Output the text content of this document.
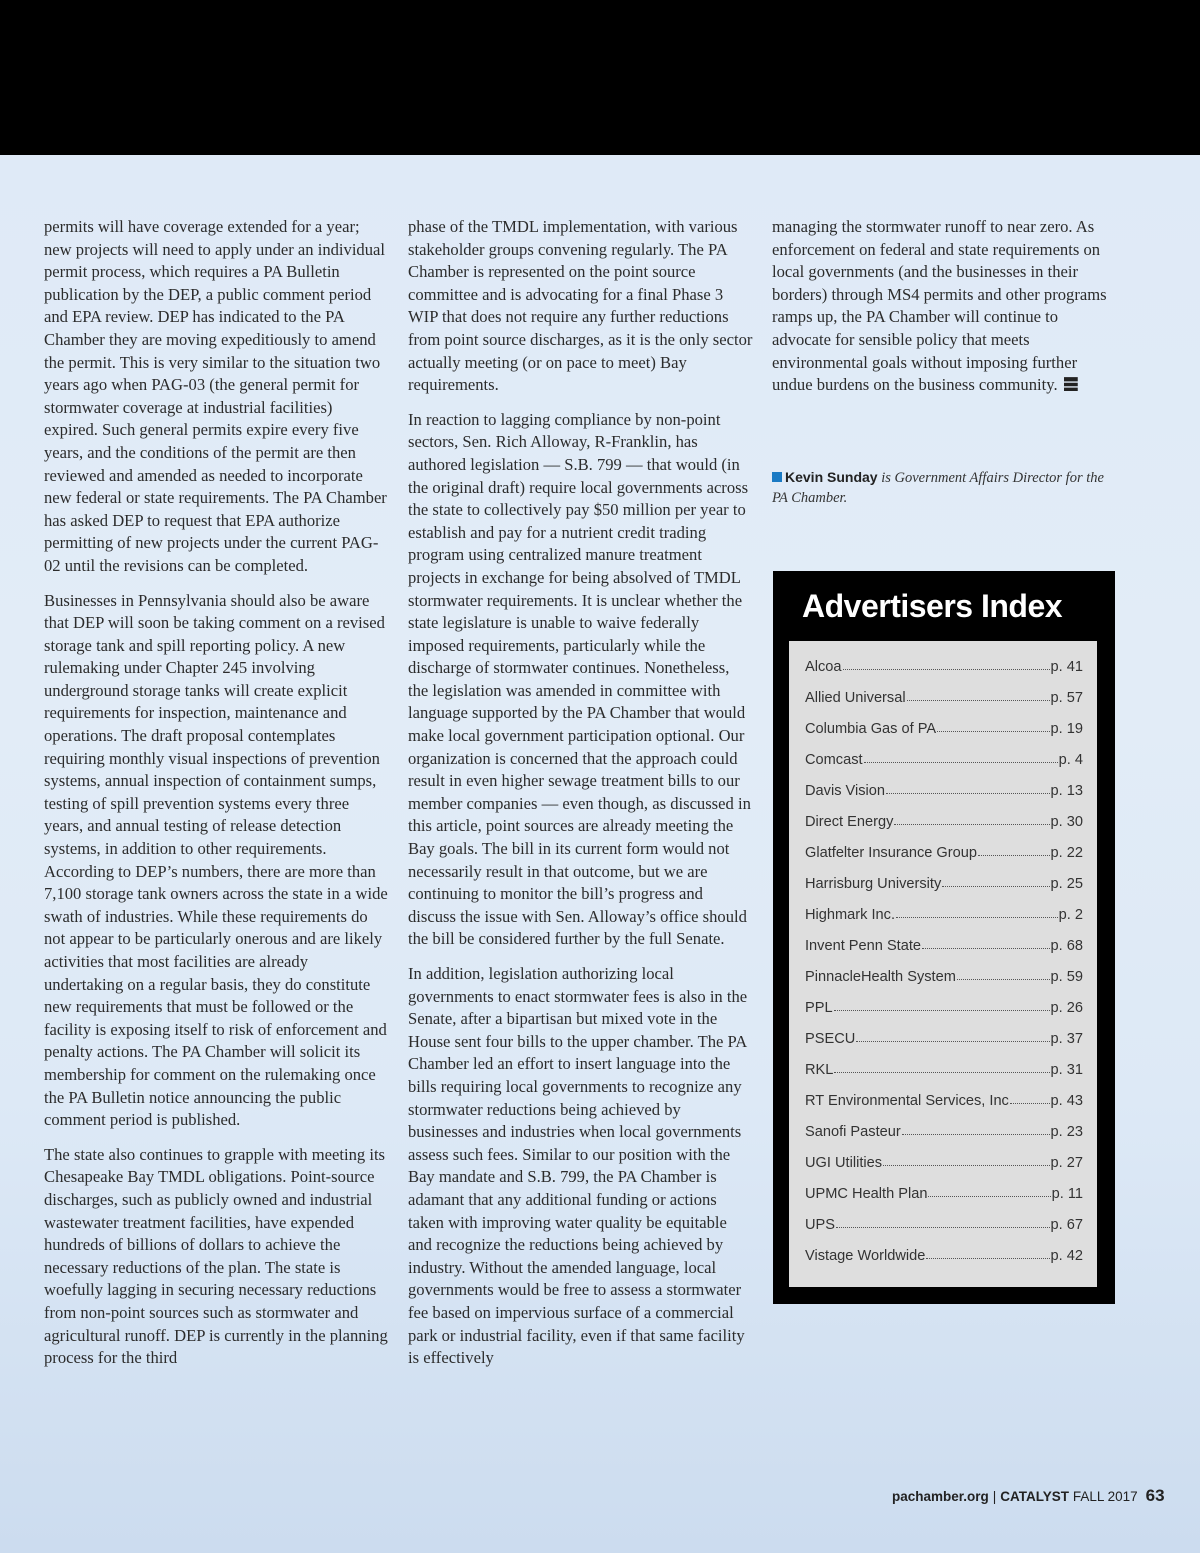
permits will have coverage extended for a year; new projects will need to apply under an individual permit process, which requires a PA Bulletin publication by the DEP, a public comment period and EPA review. DEP has indicated to the PA Chamber they are moving expeditiously to amend the permit. This is very similar to the situation two years ago when PAG-03 (the general permit for stormwater coverage at industrial facilities) expired. Such general permits expire every five years, and the conditions of the permit are then reviewed and amended as needed to incorporate new federal or state requirements. The PA Chamber has asked DEP to request that EPA authorize permitting of new projects under the current PAG-02 until the revisions can be completed.

Businesses in Pennsylvania should also be aware that DEP will soon be taking comment on a revised storage tank and spill reporting policy. A new rulemaking under Chapter 245 involving underground storage tanks will create explicit requirements for inspection, maintenance and operations. The draft proposal contemplates requiring monthly visual inspections of prevention systems, annual inspection of containment sumps, testing of spill prevention systems every three years, and annual testing of release detection systems, in addition to other requirements. According to DEP’s numbers, there are more than 7,100 storage tank owners across the state in a wide swath of industries. While these requirements do not appear to be particularly onerous and are likely activities that most facilities are already undertaking on a regular basis, they do constitute new requirements that must be followed or the facility is exposing itself to risk of enforcement and penalty actions. The PA Chamber will solicit its membership for comment on the rulemaking once the PA Bulletin notice announcing the public comment period is published.

The state also continues to grapple with meeting its Chesapeake Bay TMDL obligations. Point-source discharges, such as publicly owned and industrial wastewater treatment facilities, have expended hundreds of billions of dollars to achieve the necessary reductions of the plan. The state is woefully lagging in securing necessary reductions from non-point sources such as stormwater and agricultural runoff. DEP is currently in the planning process for the third

phase of the TMDL implementation, with various stakeholder groups convening regularly. The PA Chamber is represented on the point source committee and is advocating for a final Phase 3 WIP that does not require any further reductions from point source discharges, as it is the only sector actually meeting (or on pace to meet) Bay requirements.

In reaction to lagging compliance by non-point sectors, Sen. Rich Alloway, R-Franklin, has authored legislation — S.B. 799 — that would (in the original draft) require local governments across the state to collectively pay $50 million per year to establish and pay for a nutrient credit trading program using centralized manure treatment projects in exchange for being absolved of TMDL stormwater requirements. It is unclear whether the state legislature is unable to waive federally imposed requirements, particularly while the discharge of stormwater continues. Nonetheless, the legislation was amended in committee with language supported by the PA Chamber that would make local government participation optional. Our organization is concerned that the approach could result in even higher sewage treatment bills to our member companies — even though, as discussed in this article, point sources are already meeting the Bay goals. The bill in its current form would not necessarily result in that outcome, but we are continuing to monitor the bill’s progress and discuss the issue with Sen. Alloway’s office should the bill be considered further by the full Senate.

In addition, legislation authorizing local governments to enact stormwater fees is also in the Senate, after a bipartisan but mixed vote in the House sent four bills to the upper chamber. The PA Chamber led an effort to insert language into the bills requiring local governments to recognize any stormwater reductions being achieved by businesses and industries when local governments assess such fees. Similar to our position with the Bay mandate and S.B. 799, the PA Chamber is adamant that any additional funding or actions taken with improving water quality be equitable and recognize the reductions being achieved by industry. Without the amended language, local governments would be free to assess a stormwater fee based on impervious surface of a commercial park or industrial facility, even if that same facility is effectively

managing the stormwater runoff to near zero. As enforcement on federal and state requirements on local governments (and the businesses in their borders) through MS4 permits and other programs ramps up, the PA Chamber will continue to advocate for sensible policy that meets environmental goals without imposing further undue burdens on the business community.

Kevin Sunday is Government Affairs Director for the PA Chamber.
Advertisers Index
Alcoa	p. 41
Allied Universal	p. 57
Columbia Gas of PA	p. 19
Comcast	p. 4
Davis Vision	p. 13
Direct Energy	p. 30
Glatfelter Insurance Group	p. 22
Harrisburg University	p. 25
Highmark Inc.	p. 2
Invent Penn State	p. 68
PinnacleHealth System	p. 59
PPL	p. 26
PSECU	p. 37
RKL	p. 31
RT Environmental Services, Inc	p. 43
Sanofi Pasteur	p. 23
UGI Utilities	p. 27
UPMC Health Plan	p. 11
UPS	p. 67
Vistage Worldwide	p. 42
pachamber.org | CATALYST FALL 2017 63
